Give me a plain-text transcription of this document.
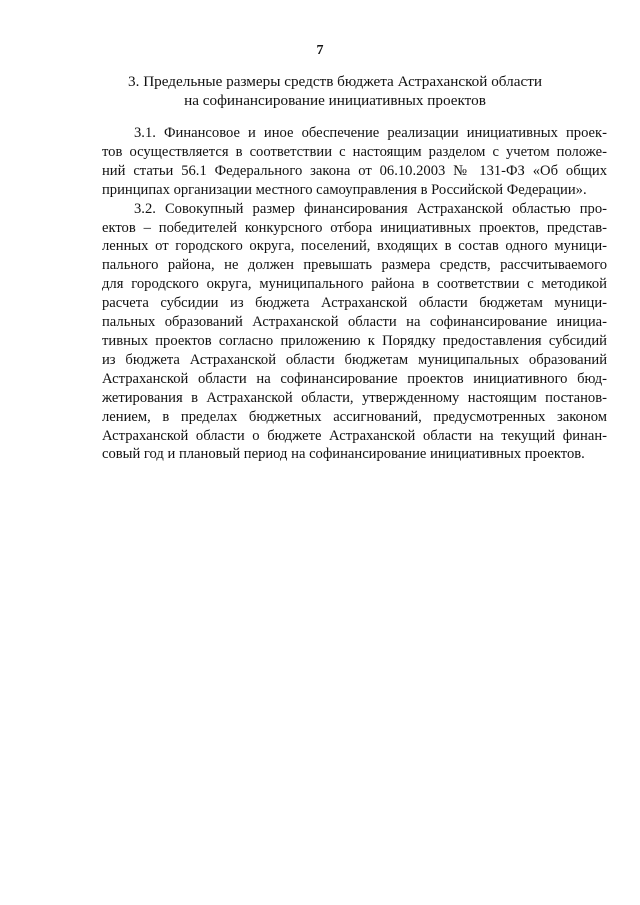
7
3. Предельные размеры средств бюджета Астраханской области
на софинансирование инициативных проектов
3.1. Финансовое и иное обеспечение реализации инициативных проек-
тов осуществляется в соответствии с настоящим разделом с учетом положе-
ний статьи 56.1 Федерального закона от 06.10.2003 № 131-ФЗ «Об общих
принципах организации местного самоуправления в Российской Федерации».
3.2. Совокупный размер финансирования Астраханской областью про-
ектов – победителей конкурсного отбора инициативных проектов, представ-
ленных от городского округа, поселений, входящих в состав одного муници-
пального района, не должен превышать размера средств, рассчитываемого
для городского округа, муниципального района в соответствии с методикой
расчета субсидии из бюджета Астраханской области бюджетам муници-
пальных образований Астраханской области на софинансирование инициа-
тивных проектов согласно приложению к Порядку предоставления субсидий
из бюджета Астраханской области бюджетам муниципальных образований
Астраханской области на софинансирование проектов инициативного бюд-
жетирования в Астраханской области, утвержденному настоящим постанов-
лением, в пределах бюджетных ассигнований, предусмотренных законом
Астраханской области о бюджете Астраханской области на текущий финан-
совый год и плановый период на софинансирование инициативных проектов.
